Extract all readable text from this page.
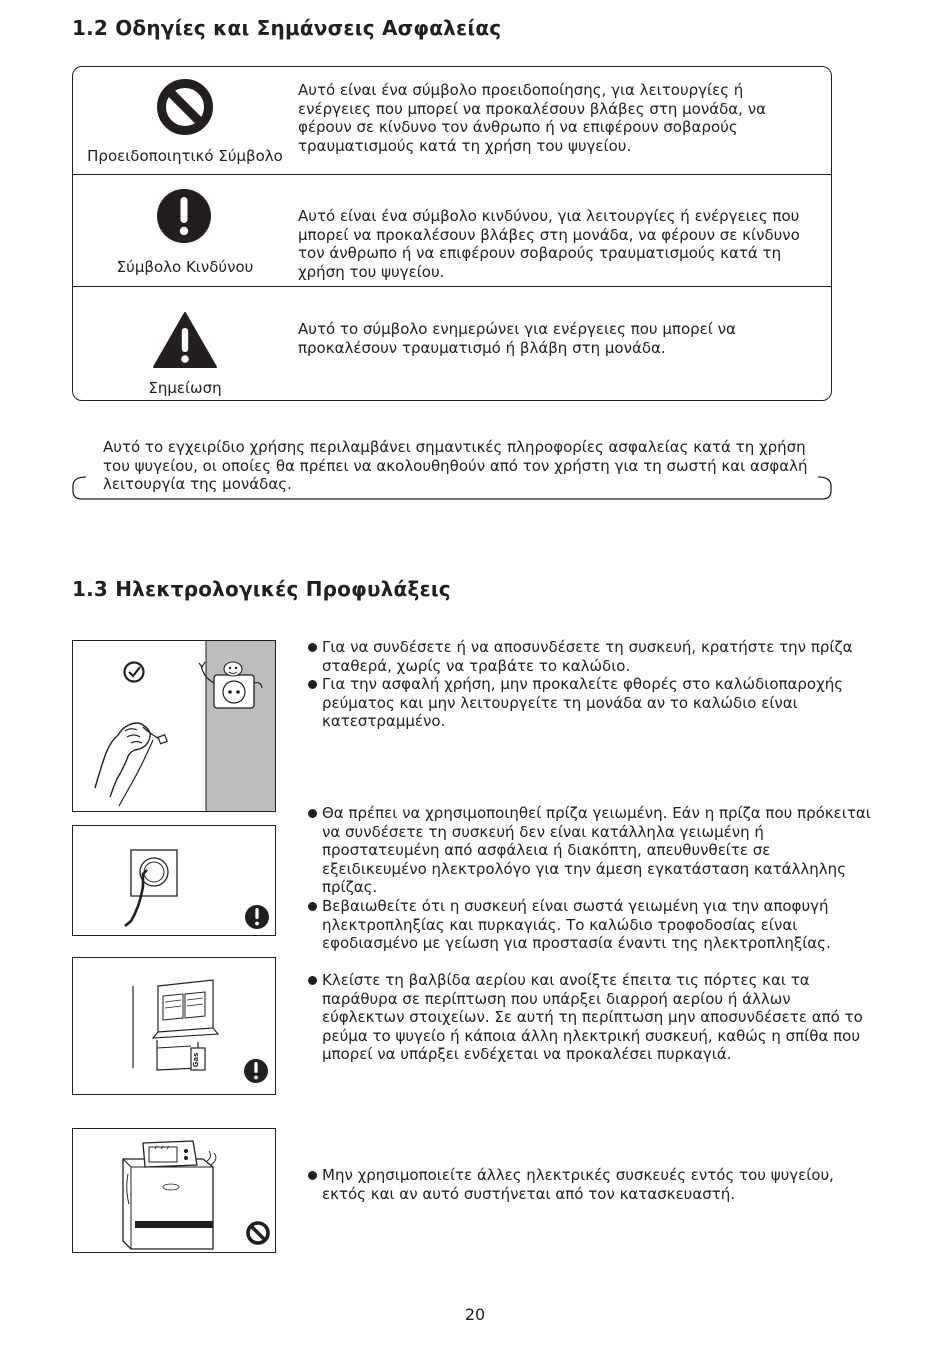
1.2 Οδηγίες και Σημάνσεις Ασφαλείας
Προειδοποιητικό Σύμβολο
Αυτό είναι ένα σύμβολο προειδοποίησης, για λειτουργίες ή ενέργειες που μπορεί να προκαλέσουν βλάβες στη μονάδα, να φέρουν σε κίνδυνο τον άνθρωπο ή να επιφέρουν σοβαρούς τραυματισμούς κατά τη χρήση του ψυγείου.
Σύμβολο Κινδύνου
Αυτό είναι ένα σύμβολο κινδύνου, για λειτουργίες ή ενέργειες που μπορεί να προκαλέσουν βλάβες στη μονάδα, να φέρουν σε κίνδυνο τον άνθρωπο ή να επιφέρουν σοβαρούς τραυματισμούς κατά τη χρήση του ψυγείου.
Σημείωση
Αυτό το σύμβολο ενημερώνει για ενέργειες που μπορεί να προκαλέσουν τραυματισμό ή βλάβη στη μονάδα.
Αυτό το εγχειρίδιο χρήσης περιλαμβάνει σημαντικές πληροφορίες ασφαλείας κατά τη χρήση του ψυγείου, οι οποίες θα πρέπει να ακολουθηθούν από τον χρήστη για τη σωστή και ασφαλή λειτουργία της μονάδας.
1.3 Ηλεκτρολογικές Προφυλάξεις
Για να συνδέσετε ή να αποσυνδέσετε τη συσκευή, κρατήστε την πρίζα σταθερά, χωρίς να τραβάτε το καλώδιο.
Για την ασφαλή χρήση, μην προκαλείτε φθορές στο καλώδιοπαροχής ρεύματος και μην λειτουργείτε τη μονάδα αν το καλώδιο είναι κατεστραμμένο.
Θα πρέπει να χρησιμοποιηθεί πρίζα γειωμένη. Εάν η πρίζα που πρόκειται να συνδέσετε τη συσκευή δεν είναι κατάλληλα γειωμένη ή προστατευμένη από ασφάλεια ή διακόπτη, απευθυνθείτε σε εξειδικευμένο ηλεκτρολόγο για την άμεση εγκατάσταση κατάλληλης πρίζας.
Βεβαιωθείτε ότι η συσκευή είναι σωστά γειωμένη για την αποφυγή ηλεκτροπληξίας και πυρκαγιάς. Το καλώδιο τροφοδοσίας είναι εφοδιασμένο με γείωση για προστασία έναντι της ηλεκτροπληξίας.
Gas
Κλείστε τη βαλβίδα αερίου και ανοίξτε έπειτα τις πόρτες και τα παράθυρα σε περίπτωση που υπάρξει διαρροή αερίου ή άλλων εύφλεκτων στοιχείων. Σε αυτή τη περίπτωση μην αποσυνδέσετε από το ρεύμα το ψυγείο ή κάποια άλλη ηλεκτρική συσκευή, καθώς η σπίθα που μπορεί να υπάρξει ενδέχεται να προκαλέσει πυρκαγιά.
Μην χρησιμοποιείτε άλλες ηλεκτρικές συσκευές εντός του ψυγείου, εκτός και αν αυτό συστήνεται από τον κατασκευαστή.
20
